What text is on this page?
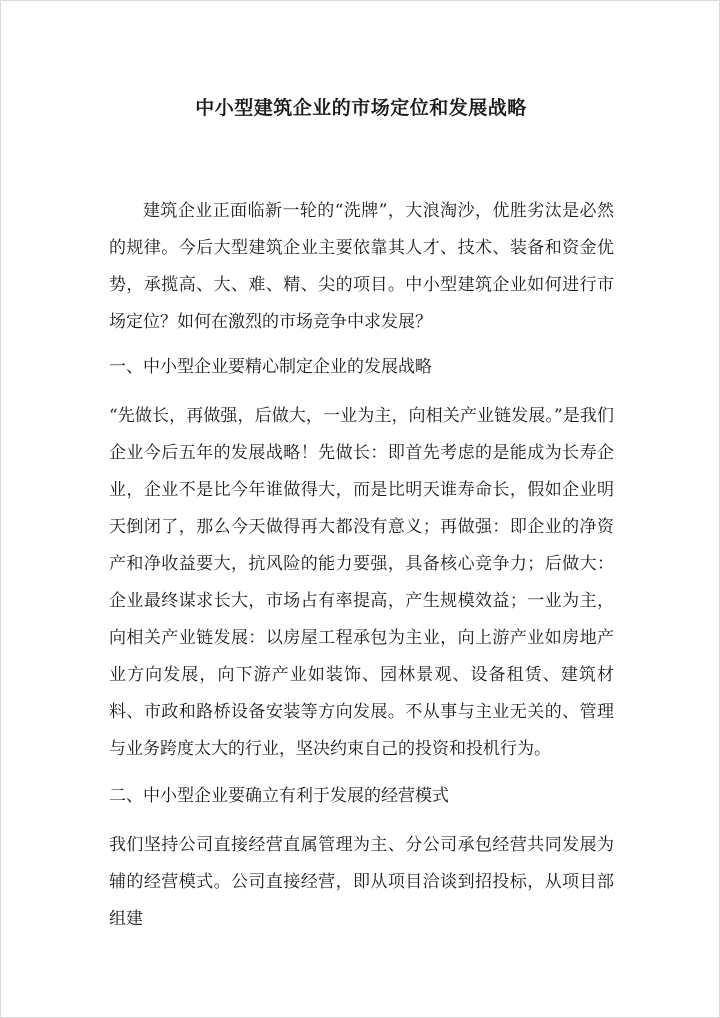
中小型建筑企业的市场定位和发展战略

建筑企业正面临新一轮的“洗牌”，大浪淘沙，优胜劣汰是必然的规律。今后大型建筑企业主要依靠其人才、技术、装备和资金优势，承揽高、大、难、精、尖的项目。中小型建筑企业如何进行市场定位？如何在激烈的市场竞争中求发展？

一、中小型企业要精心制定企业的发展战略

“先做长，再做强，后做大，一业为主，向相关产业链发展。”是我们企业今后五年的发展战略！先做长：即首先考虑的是能成为长寿企业，企业不是比今年谁做得大，而是比明天谁寿命长，假如企业明天倒闭了，那么今天做得再大都没有意义；再做强：即企业的净资产和净收益要大，抗风险的能力要强，具备核心竞争力；后做大：企业最终谋求长大，市场占有率提高，产生规模效益；一业为主，向相关产业链发展：以房屋工程承包为主业，向上游产业如房地产业方向发展，向下游产业如装饰、园林景观、设备租赁、建筑材料、市政和路桥设备安装等方向发展。不从事与主业无关的、管理与业务跨度太大的行业，坚决约束自己的投资和投机行为。

二、中小型企业要确立有利于发展的经营模式

我们坚持公司直接经营直属管理为主、分公司承包经营共同发展为辅的经营模式。公司直接经营，即从项目洽谈到招投标，从项目部组建
